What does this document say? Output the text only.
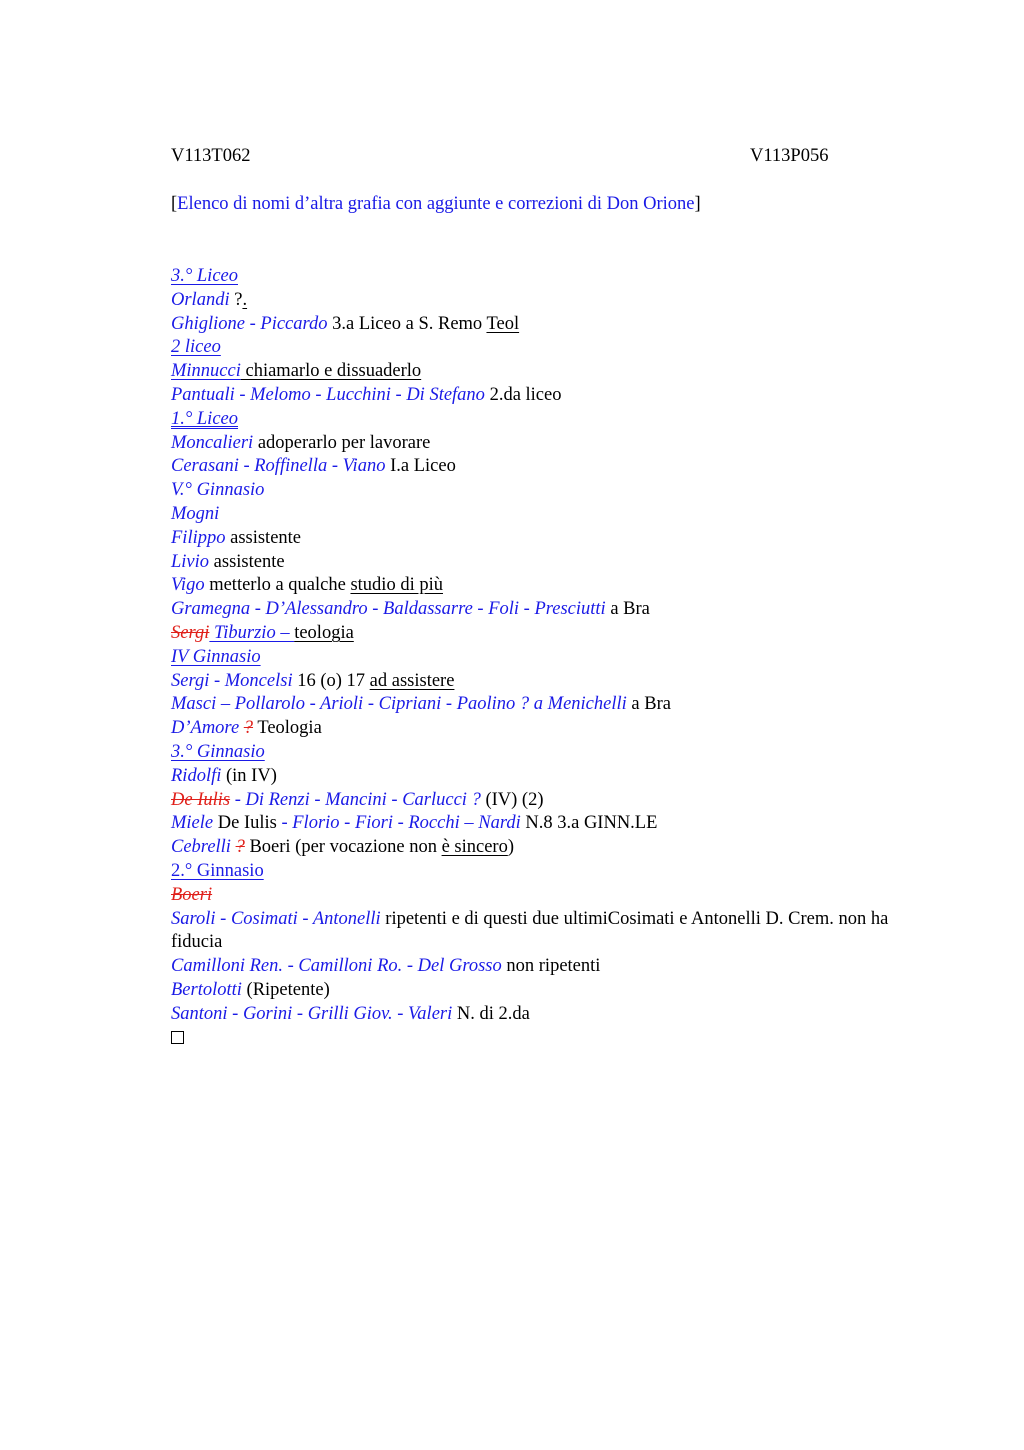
V113T062	V113P056
[Elenco di nomi d’altra grafia con aggiunte e correzioni di Don Orione]
3.° Liceo
Orlandi ?.
Ghiglione - Piccardo 3.a Liceo a S. Remo Teol
2 liceo
Minnucci chiamarlo e dissuaderlo
Pantuali - Melomo - Lucchini - Di Stefano 2.da liceo
1.° Liceo
Moncalieri adoperarlo per lavorare
Cerasani - Roffinella - Viano I.a Liceo
V.° Ginnasio
Mogni
Filippo assistente
Livio assistente
Vigo metterlo a qualche studio di più
Gramegna - D’Alessandro - Baldassarre - Foli - Presciutti a Bra
Sergi Tiburzio – teologia
IV Ginnasio
Sergi - Moncelsi 16 (o) 17 ad assistere
Masci – Pollarolo - Arioli - Cipriani - Paolino ? a Menichelli a Bra
D’Amore ? Teologia
3.° Ginnasio
Ridolfi (in IV)
De Iulis - Di Renzi - Mancini - Carlucci ? (IV) (2)
Miele De Iulis - Florio - Fiori - Rocchi – Nardi N.8 3.a GINN.LE
Cebrelli ? Boeri (per vocazione non è sincero)
2.° Ginnasio
Boeri
Saroli - Cosimati - Antonelli ripetenti e di questi due ultimiCosimati e Antonelli D. Crem. non ha fiducia
Camilloni Ren. - Camilloni Ro. - Del Grosso non ripetenti
Bertolotti (Ripetente)
Santoni - Gorini - Grilli Giov. - Valeri N. di 2.da
